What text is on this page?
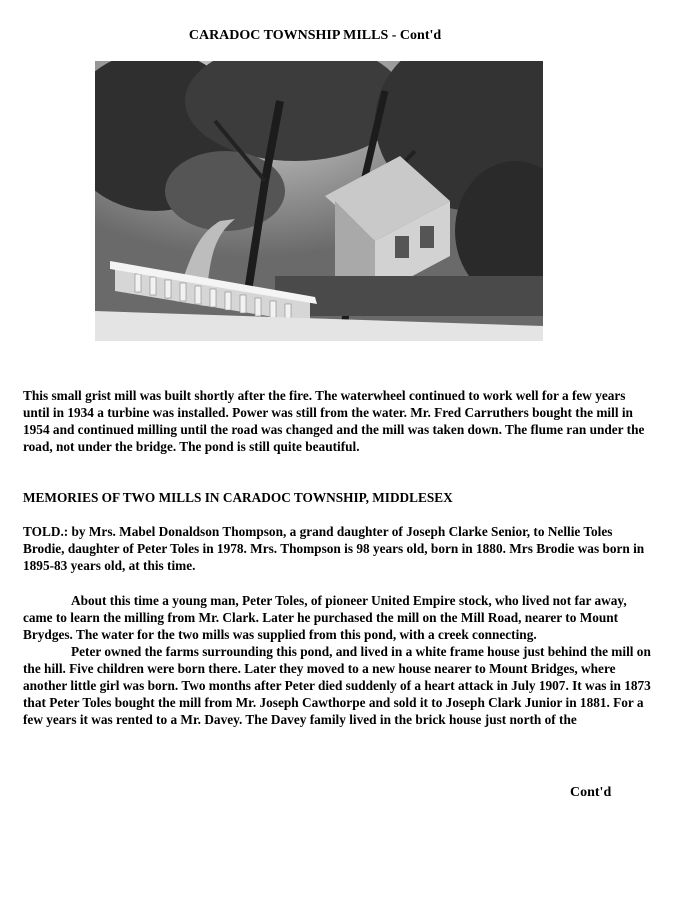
CARADOC TOWNSHIP MILLS - Cont'd
This small grist mill was built shortly after the fire. The waterwheel continued to work well for a few years until in 1934 a turbine was installed. Power was still from the water. Mr. Fred Carruthers bought the mill in 1954 and continued milling until the road was changed and the mill was taken down. The flume ran under the road, not under the bridge. The pond is still quite beautiful.
MEMORIES OF TWO MILLS IN CARADOC TOWNSHIP, MIDDLESEX
TOLD.: by Mrs. Mabel Donaldson Thompson, a grand daughter of Joseph Clarke Senior, to Nellie Toles Brodie, daughter of Peter Toles in 1978. Mrs. Thompson is 98 years old, born in 1880. Mrs Brodie was born in 1895-83 years old, at this time.

About this time a young man, Peter Toles, of pioneer United Empire stock, who lived not far away, came to learn the milling from Mr. Clark. Later he purchased the mill on the Mill Road, nearer to Mount Brydges. The water for the two mills was supplied from this pond, with a creek connecting.

Peter owned the farms surrounding this pond, and lived in a white frame house just behind the mill on the hill. Five children were born there. Later they moved to a new house nearer to Mount Bridges, where another little girl was born. Two months after Peter died suddenly of a heart attack in July 1907. It was in 1873 that Peter Toles bought the mill from Mr. Joseph Cawthorpe and sold it to Joseph Clark Junior in 1881. For a few years it was rented to a Mr. Davey. The Davey family lived in the brick house just north of the

Cont'd
